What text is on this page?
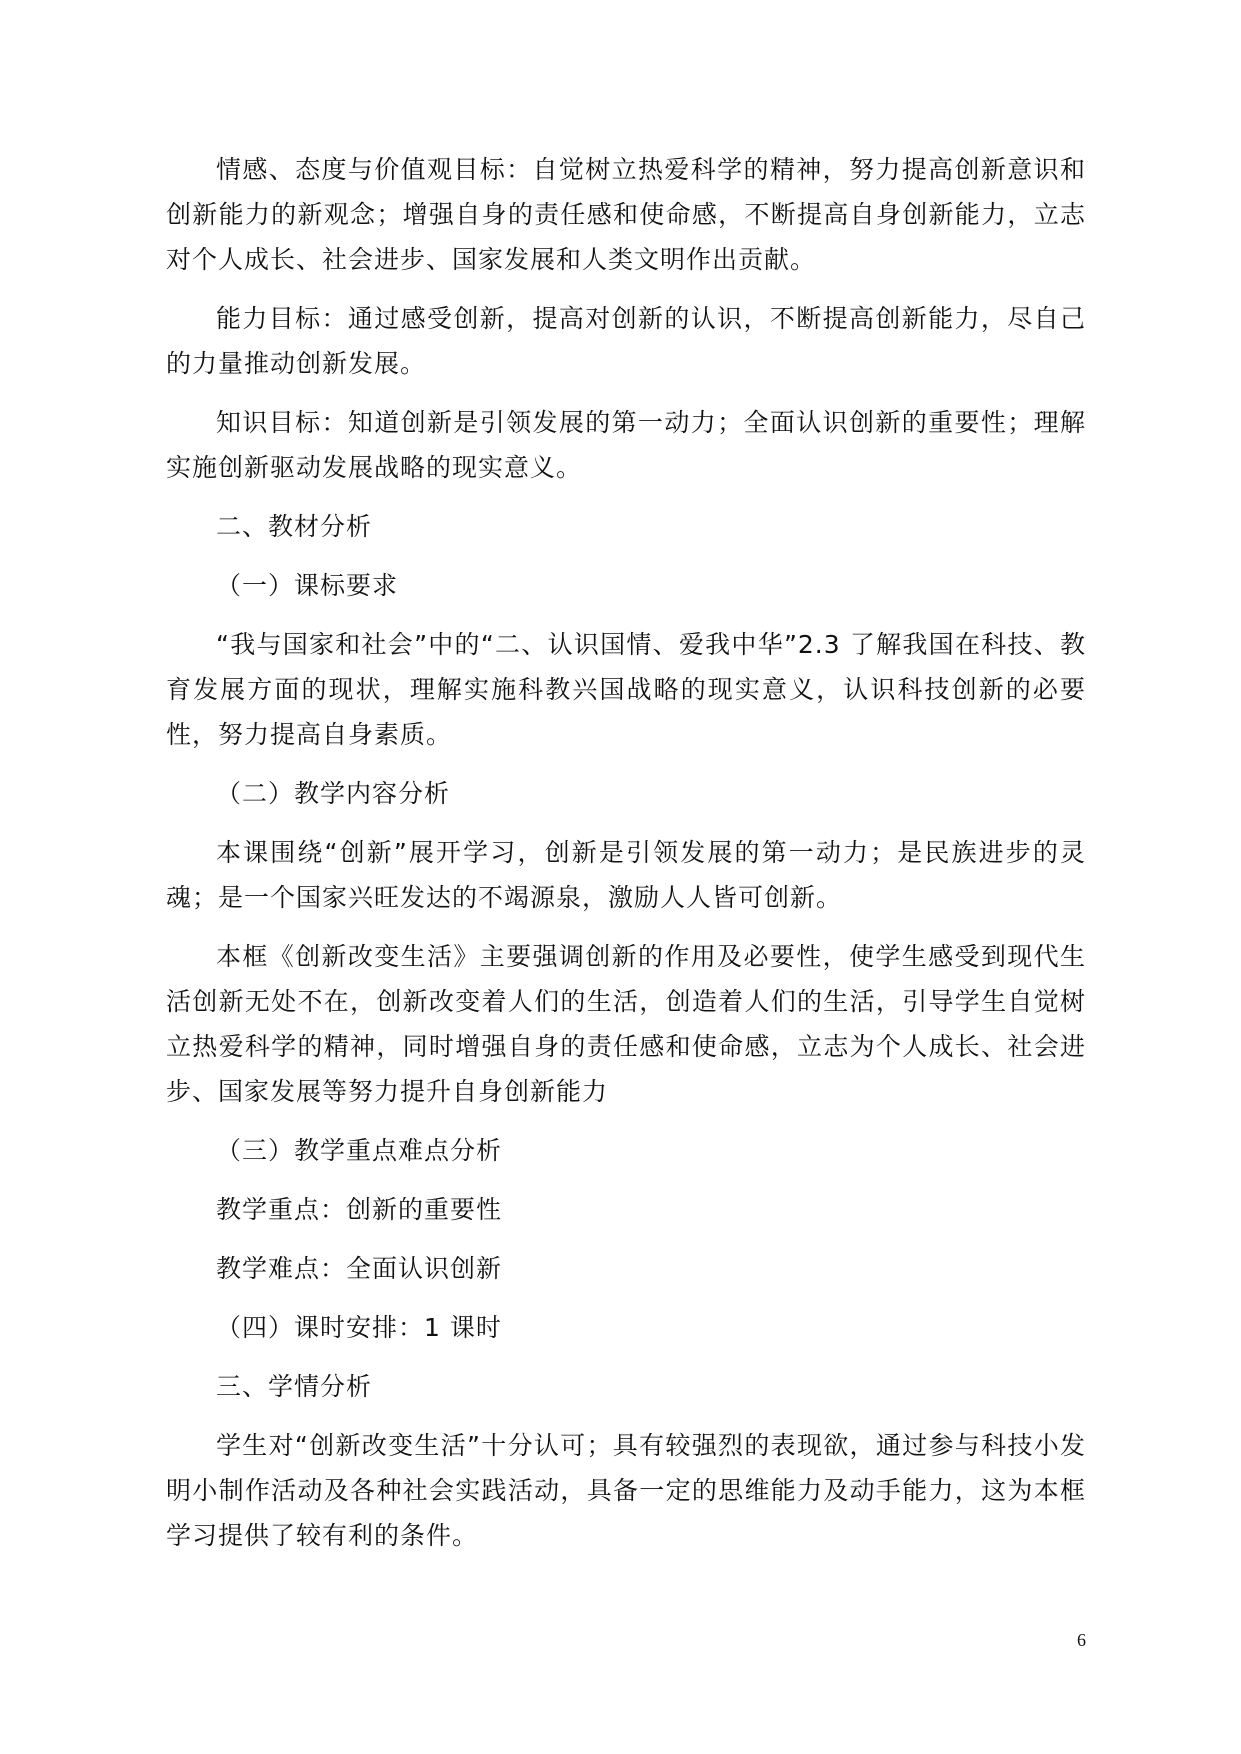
情感、态度与价值观目标：自觉树立热爱科学的精神，努力提高创新意识和创新能力的新观念；增强自身的责任感和使命感，不断提高自身创新能力，立志对个人成长、社会进步、国家发展和人类文明作出贡献。

能力目标：通过感受创新，提高对创新的认识，不断提高创新能力，尽自己的力量推动创新发展。

知识目标：知道创新是引领发展的第一动力；全面认识创新的重要性；理解实施创新驱动发展战略的现实意义。

二、教材分析

（一）课标要求

“我与国家和社会”中的“二、认识国情、爱我中华”2.3 了解我国在科技、教育发展方面的现状，理解实施科教兴国战略的现实意义，认识科技创新的必要性，努力提高自身素质。

（二）教学内容分析

本课围绕“创新”展开学习，创新是引领发展的第一动力；是民族进步的灵魂；是一个国家兴旺发达的不竭源泉，激励人人皆可创新。

本框《创新改变生活》主要强调创新的作用及必要性，使学生感受到现代生活创新无处不在，创新改变着人们的生活，创造着人们的生活，引导学生自觉树立热爱科学的精神，同时增强自身的责任感和使命感，立志为个人成长、社会进步、国家发展等努力提升自身创新能力

（三）教学重点难点分析

教学重点：创新的重要性

教学难点：全面认识创新

（四）课时安排：1 课时

三、学情分析

学生对“创新改变生活”十分认可；具有较强烈的表现欲，通过参与科技小发明小制作活动及各种社会实践活动，具备一定的思维能力及动手能力，这为本框学习提供了较有利的条件。

6
